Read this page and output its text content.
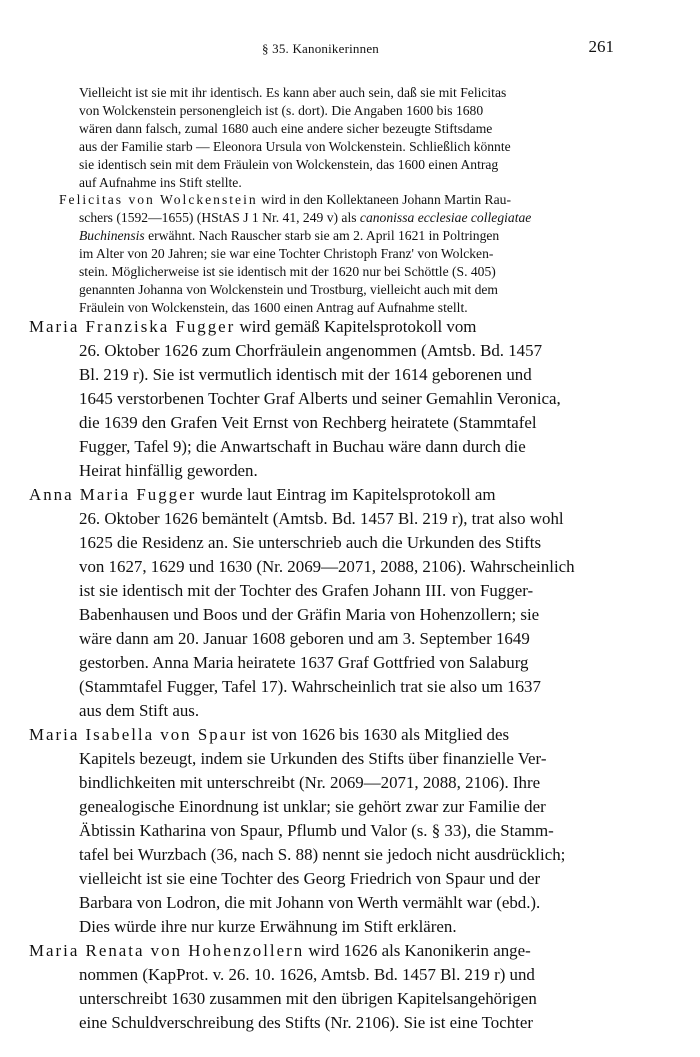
§ 35. Kanonikerinnen	261
Vielleicht ist sie mit ihr identisch. Es kann aber auch sein, daß sie mit Felicitas
von Wolckenstein personengleich ist (s. dort). Die Angaben 1600 bis 1680
wären dann falsch, zumal 1680 auch eine andere sicher bezeugte Stiftsdame
aus der Familie starb — Eleonora Ursula von Wolckenstein. Schließlich könnte
sie identisch sein mit dem Fräulein von Wolckenstein, das 1600 einen Antrag
auf Aufnahme ins Stift stellte.
Felicitas von Wolckenstein wird in den Kollektaneen Johann Martin Rau-
schers (1592—1655) (HStAS J 1 Nr. 41, 249 v) als canonissa ecclesiae collegiatae
Buchinensis erwähnt. Nach Rauscher starb sie am 2. April 1621 in Poltringen
im Alter von 20 Jahren; sie war eine Tochter Christoph Franz' von Wolcken-
stein. Möglicherweise ist sie identisch mit der 1620 nur bei Schöttle (S. 405)
genannten Johanna von Wolckenstein und Trostburg, vielleicht auch mit dem
Fräulein von Wolckenstein, das 1600 einen Antrag auf Aufnahme stellt.
Maria Franziska Fugger wird gemäß Kapitelsprotokoll vom
26. Oktober 1626 zum Chorfräulein angenommen (Amtsb. Bd. 1457
Bl. 219 r). Sie ist vermutlich identisch mit der 1614 geborenen und
1645 verstorbenen Tochter Graf Alberts und seiner Gemahlin Veronica,
die 1639 den Grafen Veit Ernst von Rechberg heiratete (Stammtafel
Fugger, Tafel 9); die Anwartschaft in Buchau wäre dann durch die
Heirat hinfällig geworden.
Anna Maria Fugger wurde laut Eintrag im Kapitelsprotokoll am
26. Oktober 1626 bemäntelt (Amtsb. Bd. 1457 Bl. 219 r), trat also wohl
1625 die Residenz an. Sie unterschrieb auch die Urkunden des Stifts
von 1627, 1629 und 1630 (Nr. 2069—2071, 2088, 2106). Wahrscheinlich
ist sie identisch mit der Tochter des Grafen Johann III. von Fugger-
Babenhausen und Boos und der Gräfin Maria von Hohenzollern; sie
wäre dann am 20. Januar 1608 geboren und am 3. September 1649
gestorben. Anna Maria heiratete 1637 Graf Gottfried von Salaburg
(Stammtafel Fugger, Tafel 17). Wahrscheinlich trat sie also um 1637
aus dem Stift aus.
Maria Isabella von Spaur ist von 1626 bis 1630 als Mitglied des
Kapitels bezeugt, indem sie Urkunden des Stifts über finanzielle Ver-
bindlichkeiten mit unterschreibt (Nr. 2069—2071, 2088, 2106). Ihre
genealogische Einordnung ist unklar; sie gehört zwar zur Familie der
Äbtissin Katharina von Spaur, Pflumb und Valor (s. § 33), die Stamm-
tafel bei Wurzbach (36, nach S. 88) nennt sie jedoch nicht ausdrücklich;
vielleicht ist sie eine Tochter des Georg Friedrich von Spaur und der
Barbara von Lodron, die mit Johann von Werth vermählt war (ebd.).
Dies würde ihre nur kurze Erwähnung im Stift erklären.
Maria Renata von Hohenzollern wird 1626 als Kanonikerin ange-
nommen (KapProt. v. 26. 10. 1626, Amtsb. Bd. 1457 Bl. 219 r) und
unterschreibt 1630 zusammen mit den übrigen Kapitelsangehörigen
eine Schuldverschreibung des Stifts (Nr. 2106). Sie ist eine Tochter
